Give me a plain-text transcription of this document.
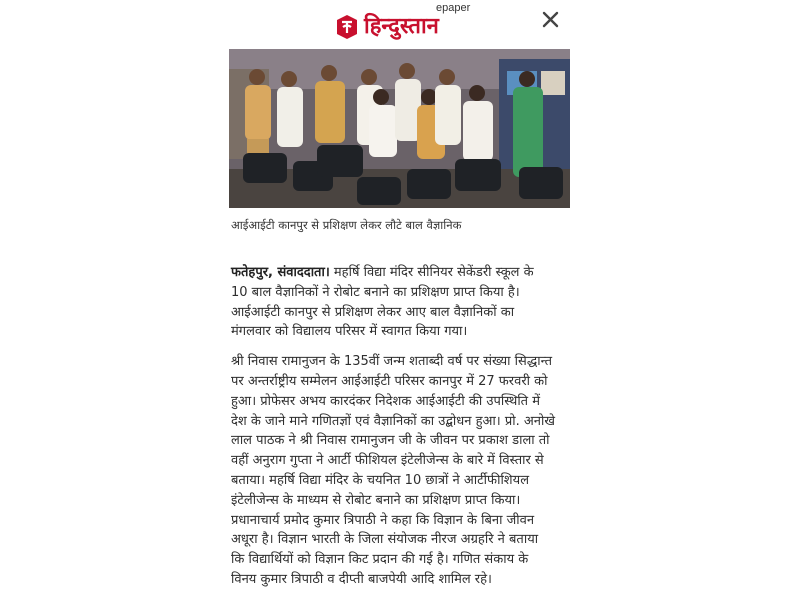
हिन्दुस्तान
epaper
आईआईटी कानपुर से प्रशिक्षण लेकर लौटे बाल वैज्ञानिक

फतेहपुर, संवाददाता। महर्षि विद्या मंदिर सीनियर सेकेंडरी स्कूल के
10 बाल वैज्ञानिकों ने रोबोट बनाने का प्रशिक्षण प्राप्त किया है।
आईआईटी कानपुर से प्रशिक्षण लेकर आए बाल वैज्ञानिकों का
मंगलवार को विद्यालय परिसर में स्वागत किया गया।

श्री निवास रामानुजन के 135वीं जन्म शताब्दी वर्ष पर संख्या सिद्धान्त
पर अन्तर्राष्ट्रीय सम्मेलन आईआईटी परिसर कानपुर में 27 फरवरी को
हुआ। प्रोफेसर अभय कारदंकर निदेशक आईआईटी की उपस्थिति में
देश के जाने माने गणितज्ञों एवं वैज्ञानिकों का उद्बोधन हुआ। प्रो. अनोखे
लाल पाठक ने श्री निवास रामानुजन जी के जीवन पर प्रकाश डाला तो
वहीं अनुराग गुप्ता ने आर्टी फीशियल इंटेलीजेन्स के बारे में विस्तार से
बताया। महर्षि विद्या मंदिर के चयनित 10 छात्रों ने आर्टीफीशियल
इंटेलीजेन्स के माध्यम से रोबोट बनाने का प्रशिक्षण प्राप्त किया।
प्रधानाचार्य प्रमोद कुमार त्रिपाठी ने कहा कि विज्ञान के बिना जीवन
अधूरा है। विज्ञान भारती के जिला संयोजक नीरज अग्रहरि ने बताया
कि विद्यार्थियों को विज्ञान किट प्रदान की गई है। गणित संकाय के
विनय कुमार त्रिपाठी व दीप्ती बाजपेयी आदि शामिल रहे।
